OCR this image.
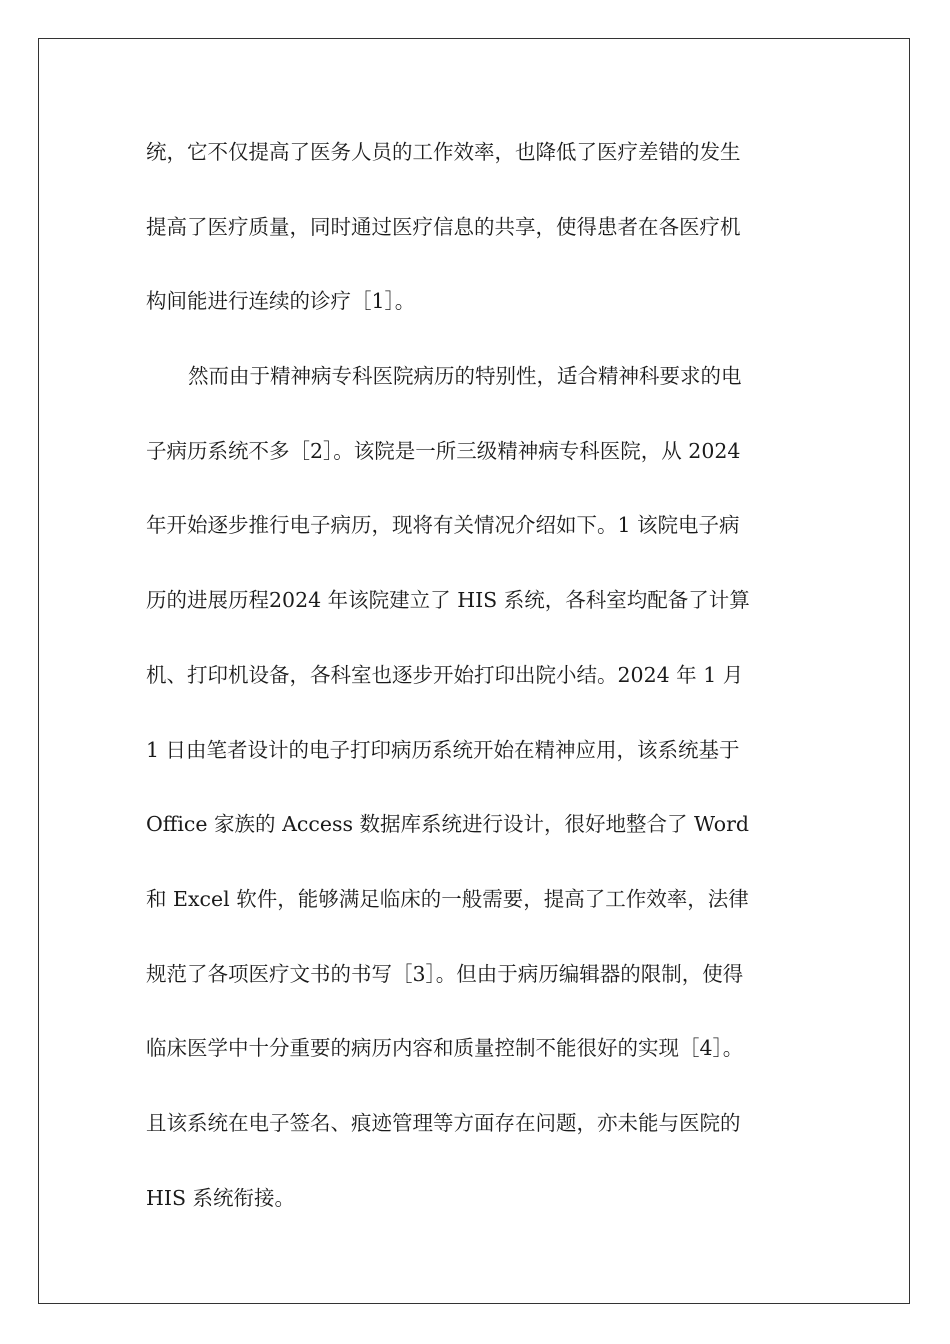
统，它不仅提高了医务人员的工作效率，也降低了医疗差错的发生
提高了医疗质量，同时通过医疗信息的共享，使得患者在各医疗机
构间能进行连续的诊疗［1］。
然而由于精神病专科医院病历的特别性，适合精神科要求的电
子病历系统不多［2］。该院是一所三级精神病专科医院，从 2024
年开始逐步推行电子病历，现将有关情况介绍如下。1 该院电子病
历的进展历程2024 年该院建立了 HIS 系统，各科室均配备了计算
机、打印机设备，各科室也逐步开始打印出院小结。2024 年 1 月
1 日由笔者设计的电子打印病历系统开始在精神应用，该系统基于
Office 家族的 Access 数据库系统进行设计，很好地整合了 Word
和 Excel 软件，能够满足临床的一般需要，提高了工作效率，法律
规范了各项医疗文书的书写［3］。但由于病历编辑器的限制，使得
临床医学中十分重要的病历内容和质量控制不能很好的实现［4］。
且该系统在电子签名、痕迹管理等方面存在问题，亦未能与医院的
HIS 系统衔接。
